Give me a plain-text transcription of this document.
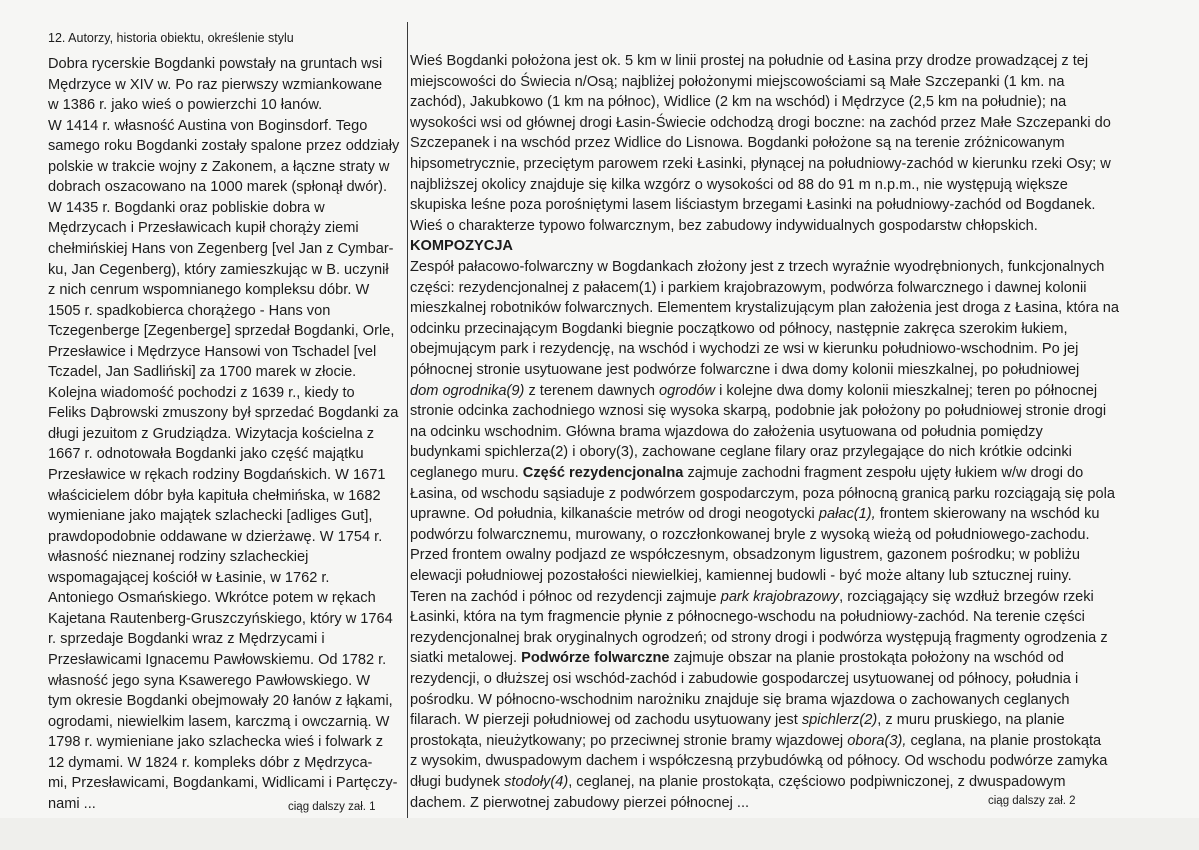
12. Autorzy, historia obiektu, określenie stylu
Dobra rycerskie Bogdanki powstały na gruntach wsi
Mędrzyce w XIV w. Po raz pierwszy wzmiankowane
w 1386 r. jako wieś o powierzchi 10 łanów.
W 1414 r. własność Austina von Boginsdorf. Tego
samego roku Bogdanki zostały spalone przez oddziały
polskie w trakcie wojny z Zakonem, a łączne straty w
dobrach oszacowano na 1000 marek (spłonął dwór).
W 1435 r. Bogdanki oraz pobliskie dobra w
Mędrzycach i Przesławicach kupił chorąży ziemi
chełmińskiej Hans von Zegenberg [vel Jan z Cymbar-
ku, Jan Cegenberg), który zamieszkując w B. uczynił
z nich cenrum wspomnianego kompleksu dóbr. W
1505 r. spadkobierca chorążego - Hans von
Tczegenberge [Zegenberge] sprzedał Bogdanki, Orle,
Przesławice i Mędrzyce Hansowi von Tschadel [vel
Tczadel, Jan Sadliński] za 1700 marek w złocie.
Kolejna wiadomość pochodzi z 1639 r., kiedy to
Feliks Dąbrowski zmuszony był sprzedać Bogdanki za
długi jezuitom z Grudziądza. Wizytacja kościelna z
1667 r. odnotowała Bogdanki jako część majątku
Przesławice w rękach rodziny Bogdańskich. W 1671
właścicielem dóbr była kapituła chełmińska, w 1682
wymieniane jako majątek szlachecki [adliges Gut],
prawdopodobnie oddawane w dzierżawę. W 1754 r.
własność nieznanej rodziny szlacheckiej
wspomagającej kościół w Łasinie, w 1762 r.
Antoniego Osmańskiego. Wkrótce potem w rękach
Kajetana Rautenberg-Gruszczyńskiego, który w 1764
r. sprzedaje Bogdanki wraz z Mędrzycami i
Przesławicami Ignacemu Pawłowskiemu. Od 1782 r.
własność jego syna Ksawerego Pawłowskiego. W
tym okresie Bogdanki obejmowały 20 łanów z łąkami,
ogrodami, niewielkim lasem, karczmą i owczarnią. W
1798 r. wymieniane jako szlachecka wieś i folwark z
12 dymami. W 1824 r. kompleks dóbr z Mędrzyca-
mi, Przesławicami, Bogdankami, Widlicami i Partęczy-
nami ...	ciąg dalszy zał. 1
Wieś Bogdanki położona jest ok. 5 km w linii prostej na południe od Łasina przy drodze prowadzącej z tej
miejscowości do Świecia n/Osą; najbliżej położonymi miejscowościami są Małe Szczepanki (1 km. na
zachód), Jakubkowo (1 km na północ), Widlice (2 km na wschód) i Mędrzyce (2,5 km na południe); na
wysokości wsi od głównej drogi Łasin-Świecie odchodzą drogi boczne: na zachód przez Małe Szczepanki do
Szczepanek i na wschód przez Widlice do Lisnowa. Bogdanki położone są na terenie zróżnicowanym
hipsometrycznie, przeciętym parowem rzeki Łasinki, płynącej na południowy-zachód w kierunku rzeki Osy; w
najbliższej okolicy znajduje się kilka wzgórz o wysokości od 88 do 91 m n.p.m., nie występują większe
skupiska leśne poza porośniętymi lasem liściastym brzegami Łasinki na południowy-zachód od Bogdanek.
Wieś o charakterze typowo folwarcznym, bez zabudowy indywidualnych gospodarstw chłopskich.
KOMPOZYCJA
Zespół pałacowo-folwarczny w Bogdankach złożony jest z trzech wyraźnie wyodrębnionych, funkcjonalnych
części: rezydencjonalnej z pałacem(1) i parkiem krajobrazowym, podwórza folwarcznego i dawnej kolonii
mieszkalnej robotników folwarcznych. Elementem krystalizującym plan założenia jest droga z Łasina, która na
odcinku przecinającym Bogdanki biegnie początkowo od północy, następnie zakręca szerokim łukiem,
obejmującym park i rezydencję, na wschód i wychodzi ze wsi w kierunku południowo-wschodnim. Po jej
północnej stronie usytuowane jest podwórze folwarczne i dwa domy kolonii mieszkalnej, po południowej
dom ogrodnika(9) z terenem dawnych ogrodów i kolejne dwa domy kolonii mieszkalnej; teren po północnej
stronie odcinka zachodniego wznosi się wysoka skarpą, podobnie jak położony po południowej stronie drogi
na odcinku wschodnim. Główna brama wjazdowa do założenia usytuowana od południa pomiędzy
budynkami spichlerza(2) i obory(3), zachowane ceglane filary oraz przylegające do nich krótkie odcinki
ceglanego muru. Część rezydencjonalna zajmuje zachodni fragment zespołu ujęty łukiem w/w drogi do
Łasina, od wschodu sąsiaduje z podwórzem gospodarczym, poza północną granicą parku rozciągają się pola
uprawne. Od południa, kilkanaście metrów od drogi neogotycki pałac(1), frontem skierowany na wschód ku
podwórzu folwarcznemu, murowany, o rozczłonkowanej bryle z wysoką wieżą od południowego-zachodu.
Przed frontem owalny podjazd ze współczesnym, obsadzonym ligustrem, gazonem pośrodku; w pobliżu
elewacji południowej pozostałości niewielkiej, kamiennej budowli - być może altany lub sztucznej ruiny.
Teren na zachód i północ od rezydencji zajmuje park krajobrazowy, rozciągający się wzdłuż brzegów rzeki
Łasinki, która na tym fragmencie płynie z północnego-wschodu na południowy-zachód. Na terenie części
rezydencjonalnej brak oryginalnych ogrodzeń; od strony drogi i podwórza występują fragmenty ogrodzenia z
siatki metalowej. Podwórze folwarczne zajmuje obszar na planie prostokąta położony na wschód od
rezydencji, o dłuższej osi wschód-zachód i zabudowie gospodarczej usytuowanej od północy, południa i
pośrodku. W północno-wschodnim narożniku znajduje się brama wjazdowa o zachowanych ceglanych
filarach. W pierzeji południowej od zachodu usytuowany jest spichlerz(2), z muru pruskiego, na planie
prostokąta, nieużytkowany; po przeciwnej stronie bramy wjazdowej obora(3), ceglana, na planie prostokąta
z wysokim, dwuspadowym dachem i współczesną przybudówką od północy. Od wschodu podwórze zamyka
długi budynek stodoły(4), ceglanej, na planie prostokąta, częściowo podpiwniczonej, z dwuspadowym
dachem. Z pierwotnej zabudowy pierzei północnej ...	ciąg dalszy zał. 2
